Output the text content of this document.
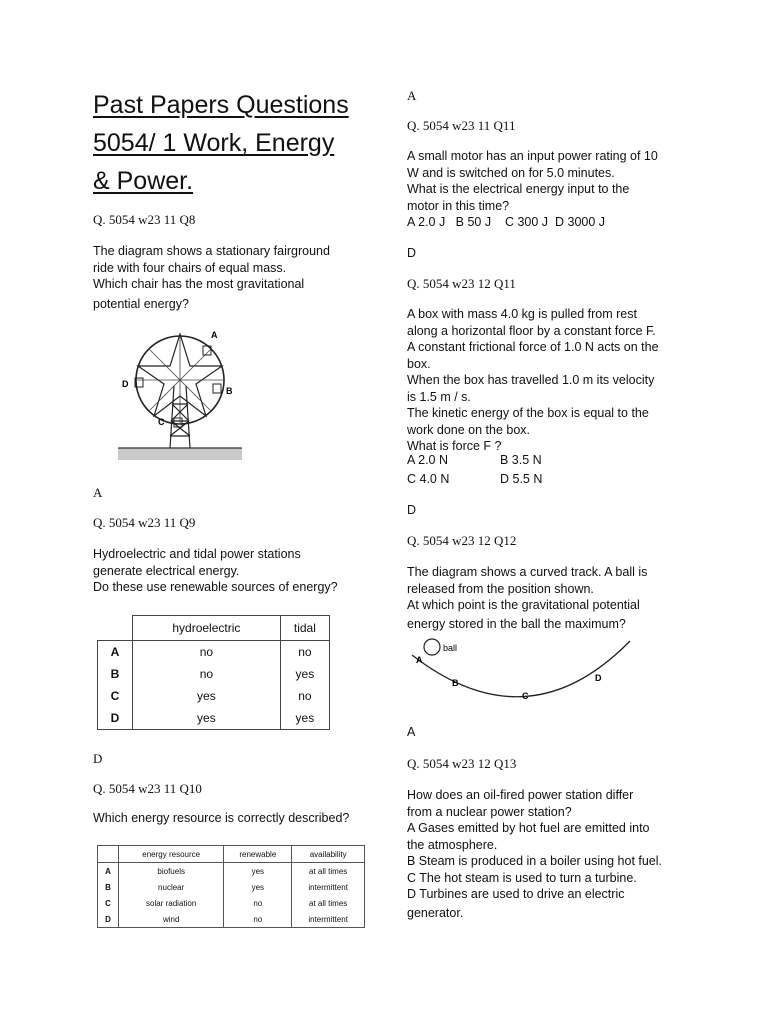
Past Papers Questions
5054/ 1 Work, Energy
& Power.
Q. 5054 w23 11 Q8
The diagram shows a stationary fairground
ride with four chairs of equal mass.
Which chair has the most gravitational
potential energy?
A
B
C
D
A
Q. 5054 w23 11 Q9
Hydroelectric and tidal power stations
generate electrical energy.
Do these use renewable sources of energy?
	hydroelectric	tidal
A	no	no
B	no	yes
C	yes	no
D	yes	yes
D
Q. 5054 w23 11 Q10
Which energy resource is correctly described?
	energy resource	renewable	availability
A	biofuels	yes	at all times
B	nuclear	yes	intermittent
C	solar radiation	no	at all times
D	wind	no	intermittent
A
Q. 5054 w23 11 Q11
A small motor has an input power rating of 10
W and is switched on for 5.0 minutes.
What is the electrical energy input to the
motor in this time?
A 2.0 J   B 50 J    C 300 J  D 3000 J
D
Q. 5054 w23 12 Q11
A box with mass 4.0 kg is pulled from rest
along a horizontal floor by a constant force F.
A constant frictional force of 1.0 N acts on the
box.
When the box has travelled 1.0 m its velocity
is 1.5 m / s.
The kinetic energy of the box is equal to the
work done on the box.
What is force F ?
A 2.0 N	B 3.5 N
C 4.0 N	D 5.5 N
D
Q. 5054 w23 12 Q12
The diagram shows a curved track. A ball is
released from the position shown.
At which point is the gravitational potential
energy stored in the ball the maximum?
ball
A
B
C
D
A
Q. 5054 w23 12 Q13
How does an oil-fired power station differ
from a nuclear power station?
A Gases emitted by hot fuel are emitted into
the atmosphere.
B Steam is produced in a boiler using hot fuel.
C The hot steam is used to turn a turbine.
D Turbines are used to drive an electric
generator.
